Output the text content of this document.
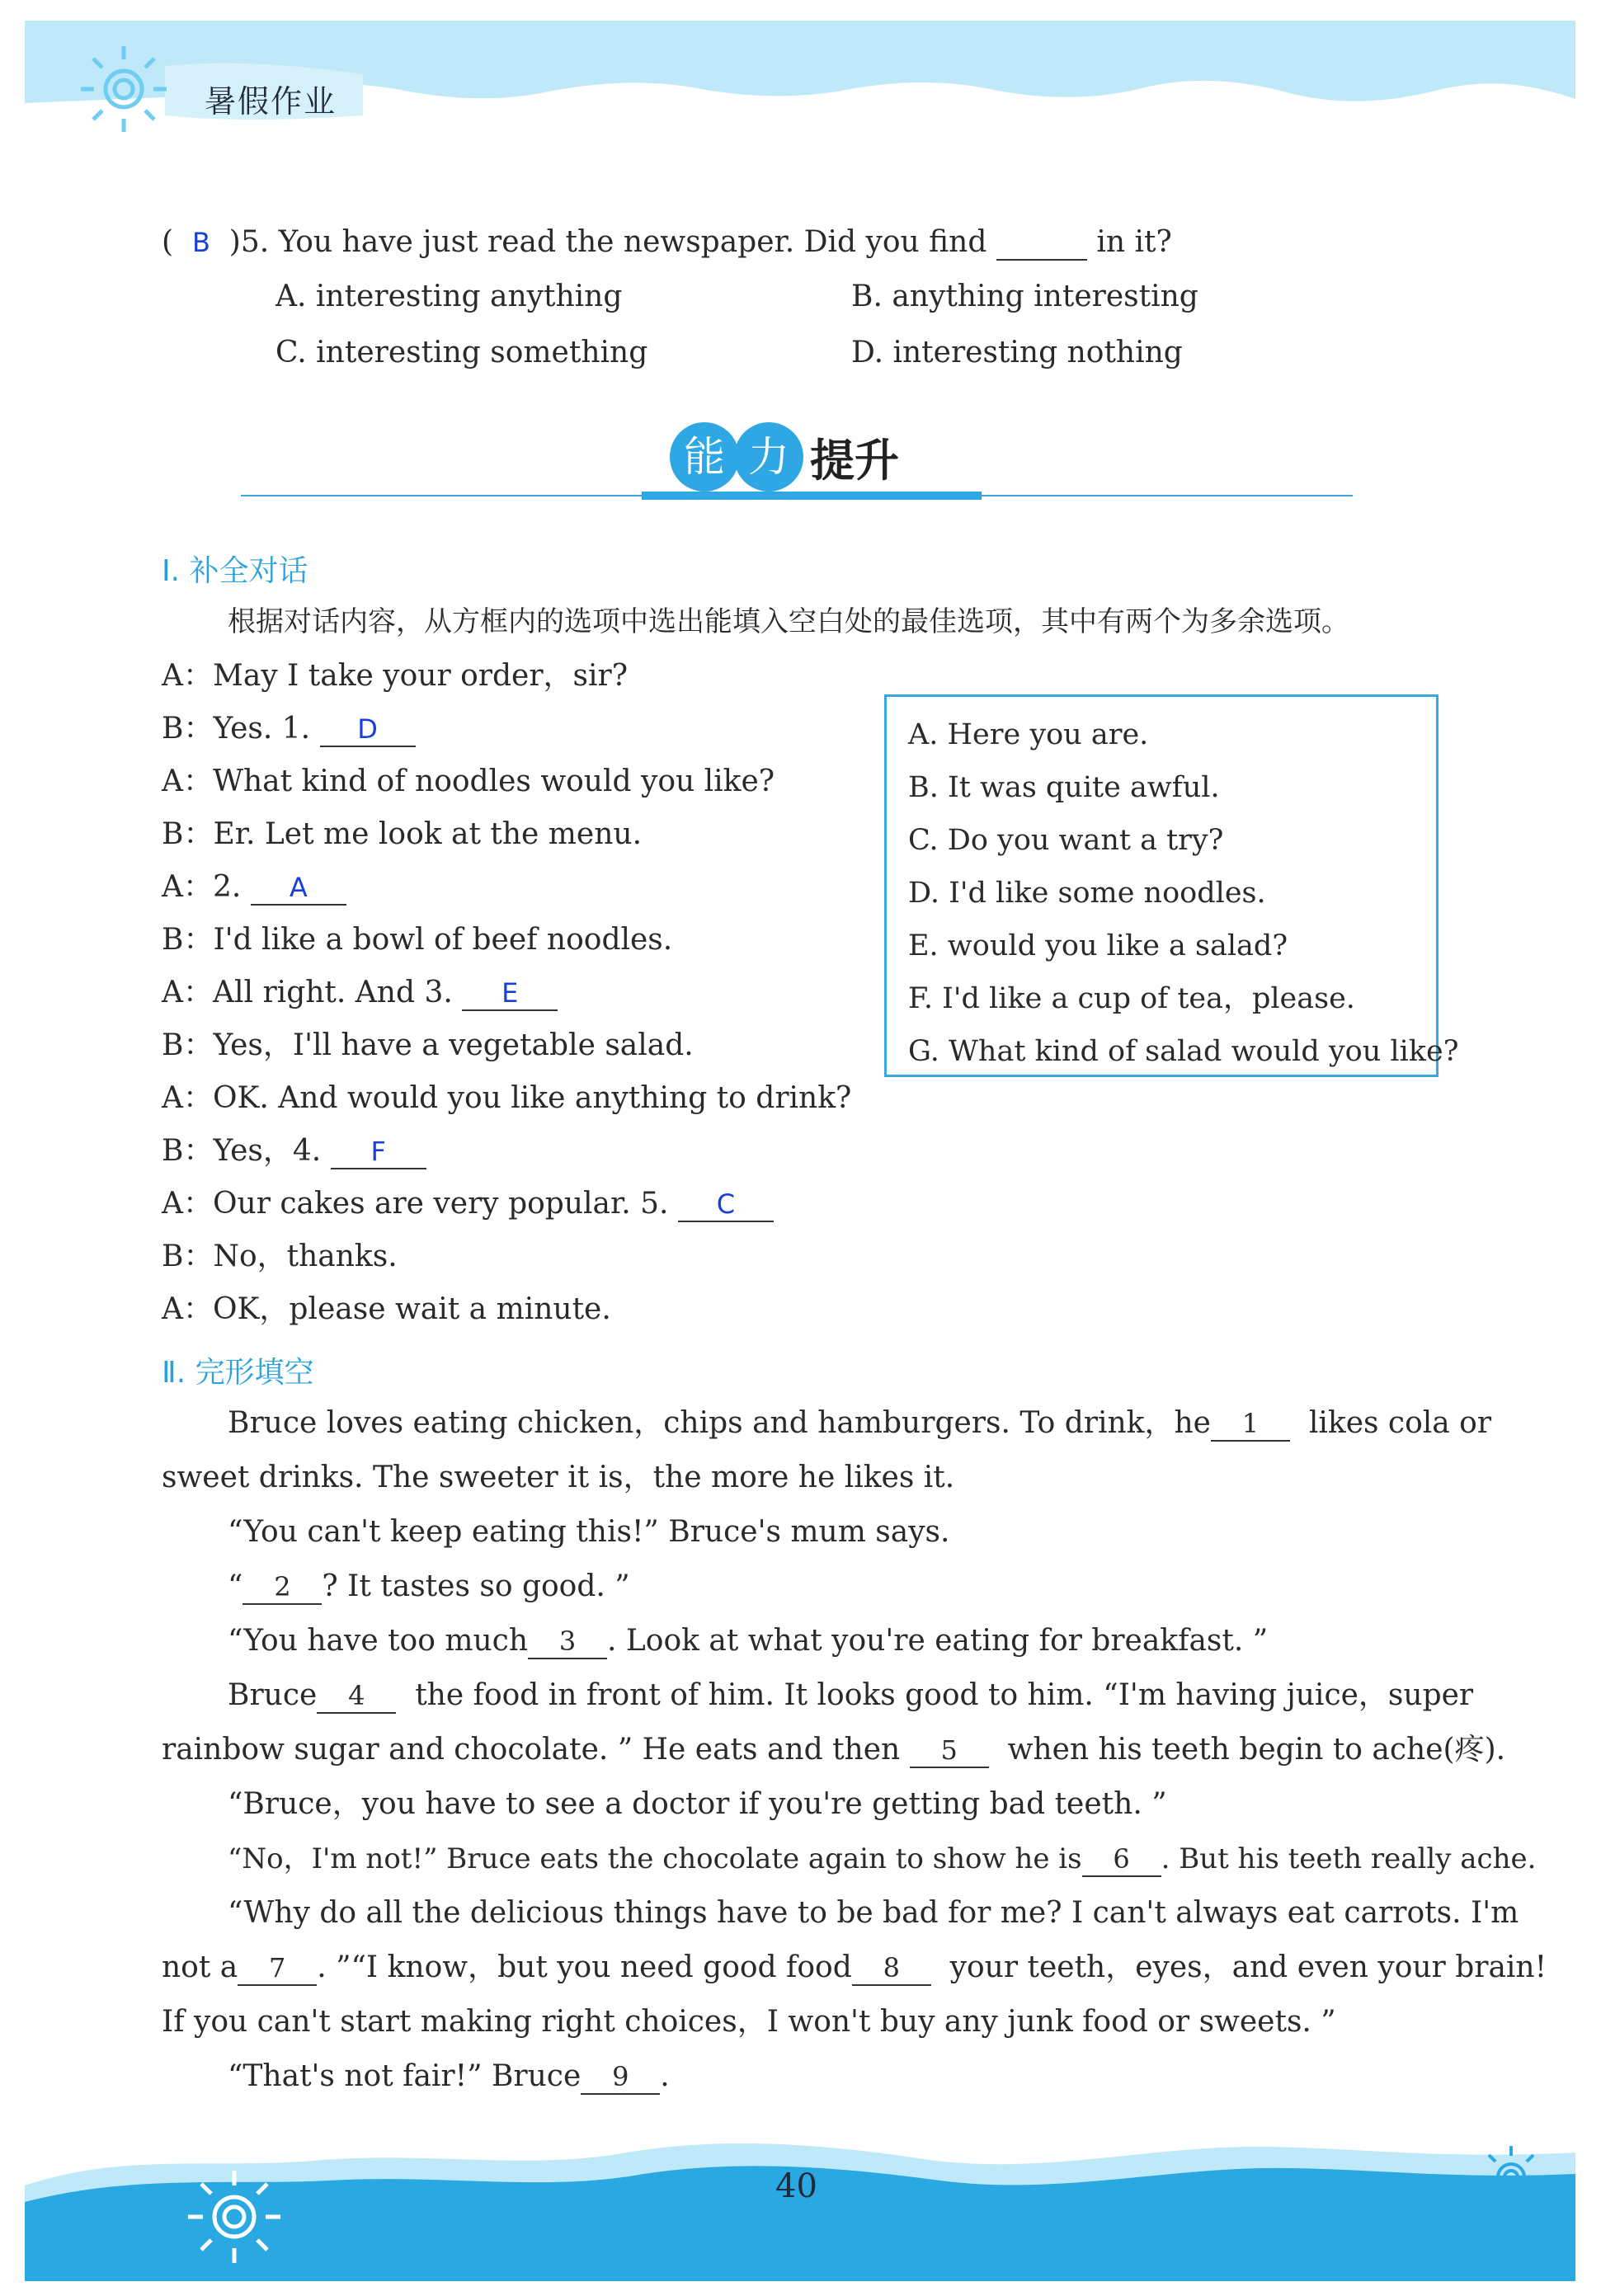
暑假作业
( B )5. You have just read the newspaper. Did you find	in it?
A. interesting anything	B. anything interesting
C. interesting something	D. interesting nothing
能 力 提升
Ⅰ. 补全对话
根据对话内容，从方框内的选项中选出能填入空白处的最佳选项，其中有两个为多余选项。
A：May I take your order，sir?
B：Yes. 1. D
A：What kind of noodles would you like?
B：Er. Let me look at the menu.
A：2. A
B：I'd like a bowl of beef noodles.
A：All right. And 3. E
B：Yes，I'll have a vegetable salad.
A：OK. And would you like anything to drink?
B：Yes，4. F
A：Our cakes are very popular. 5. C
B：No，thanks.
A：OK，please wait a minute.
A. Here you are.
B. It was quite awful.
C. Do you want a try?
D. I'd like some noodles.
E. would you like a salad?
F. I'd like a cup of tea，please.
G. What kind of salad would you like?
Ⅱ. 完形填空
Bruce loves eating chicken，chips and hamburgers. To drink，he 1 likes cola or
sweet drinks. The sweeter it is，the more he likes it.
“You can't keep eating this!” Bruce's mum says.
“ 2 ? It tastes so good. ”
“You have too much 3 . Look at what you're eating for breakfast. ”
Bruce 4 the food in front of him. It looks good to him. “I'm having juice，super
rainbow sugar and chocolate. ” He eats and then 5 when his teeth begin to ache(疼).
“Bruce，you have to see a doctor if you're getting bad teeth. ”
“No，I'm not!” Bruce eats the chocolate again to show he is 6 . But his teeth really ache.
“Why do all the delicious things have to be bad for me? I can't always eat carrots. I'm
not a 7 . ”“I know，but you need good food 8 your teeth，eyes，and even your brain!
If you can't start making right choices，I won't buy any junk food or sweets. ”
“That's not fair!” Bruce 9 .
40
